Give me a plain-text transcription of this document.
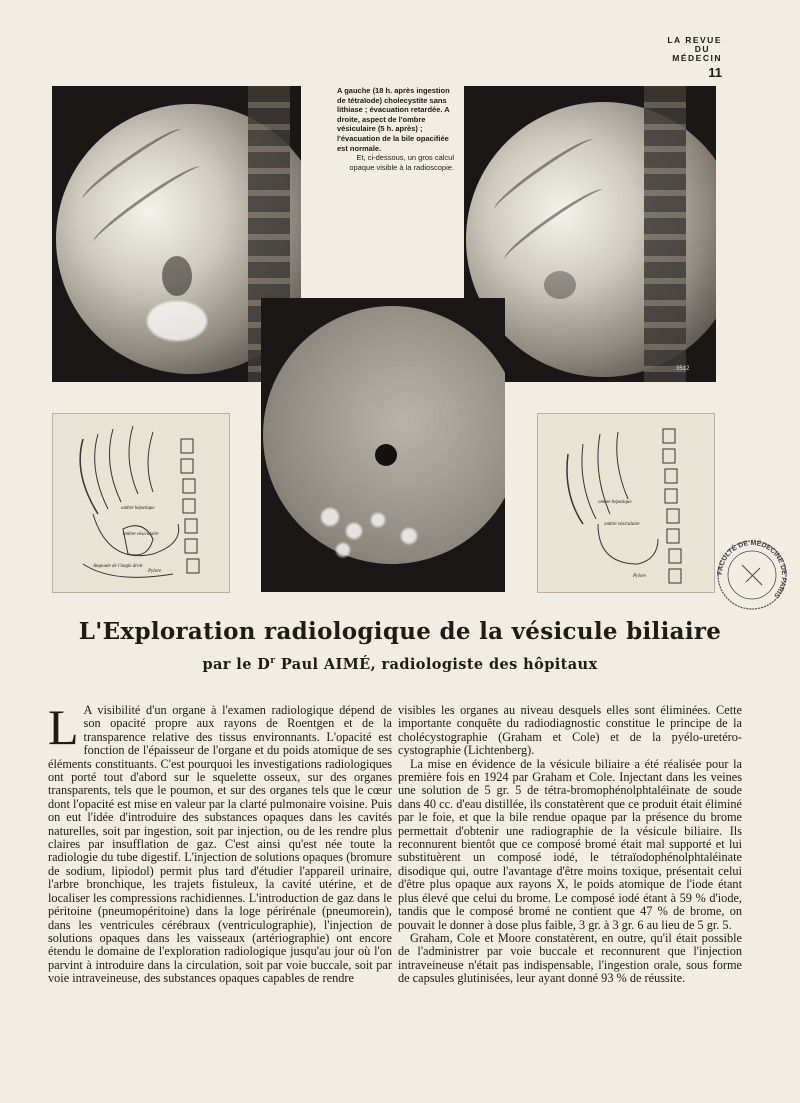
LA REVUE
DU
MÉDECIN
11
3512
A gauche (18 h. après ingestion de tétraïode) cholecystite sans lithiase ; évacuation retardée. A droite, aspect de l'ombre vésiculaire (5 h. après) ; l'évacuation de la bile opacifiée est normale.
Et, ci-dessous, un gros calcul opaque visible à la radioscopie.
ombre hépatique
ombre vésiculaire
Ampoule de l'angle droit
Pylore
ombre hépatique
ombre vésiculaire
Pylore
FACULTÉ DE MÉDECINE DE PARIS
L'Exploration radiologique de la vésicule biliaire
par le $D^r$ Paul AIMÉ, radiologiste des hôpitaux

L A visibilité d'un organe à l'examen radiologique dépend de son opacité propre aux rayons de Roentgen et de la transparence relative des tissus environnants. L'opacité est fonction de l'épaisseur de l'organe et du poids atomique de ses éléments constituants. C'est pourquoi les investigations radiologiques ont porté tout d'abord sur le squelette osseux, sur des organes transparents, tels que le poumon, et sur des organes tels que le cœur dont l'opacité est mise en valeur par la clarté pulmonaire voisine. Puis on eut l'idée d'introduire des substances opaques dans les cavités naturelles, soit par ingestion, soit par injection, ou de les rendre plus claires par insufflation de gaz. C'est ainsi qu'est née toute la radiologie du tube digestif. L'injection de solutions opaques (bromure de sodium, lipiodol) permit plus tard d'étudier l'appareil urinaire, l'arbre bronchique, les trajets fistuleux, la cavité utérine, et de localiser les compressions rachidiennes. L'introduction de gaz dans le péritoine (pneumopéritoine) dans la loge périrénale (pneumorein), dans les ventricules cérébraux (ventriculographie), l'injection de solutions opaques dans les vaisseaux (artériographie) ont encore étendu le domaine de l'exploration radiologique jusqu'au jour où l'on parvint à introduire dans la circulation, soit par voie buccale, soit par voie intraveineuse, des substances opaques capables de rendre

visibles les organes au niveau desquels elles sont éliminées. Cette importante conquête du radiodiagnostic constitue le principe de la cholécystographie (Graham et Cole) et de la pyélo-uretéro-cystographie (Lichtenberg).

La mise en évidence de la vésicule biliaire a été réalisée pour la première fois en 1924 par Graham et Cole. Injectant dans les veines une solution de 5 gr. 5 de tétra-bromophénolphtaléinate de soude dans 40 cc. d'eau distillée, ils constatèrent que ce produit était éliminé par le foie, et que la bile rendue opaque par la présence du brome permettait d'obtenir une radiographie de la vésicule biliaire. Ils reconnurent bientôt que ce composé bromé était mal supporté et lui substituèrent un composé iodé, le tétraïodophénolphtaléinate disodique qui, outre l'avantage d'être moins toxique, présentait celui d'être plus opaque aux rayons X, le poids atomique de l'iode étant plus élevé que celui du brome. Le composé iodé étant à 59 % d'iode, tandis que le composé bromé ne contient que 47 % de brome, on pouvait le donner à dose plus faible, 3 gr. à 3 gr. 6 au lieu de 5 gr. 5.

Graham, Cole et Moore constatèrent, en outre, qu'il était possible de l'administrer par voie buccale et reconnurent que l'injection intraveineuse n'était pas indispensable, l'ingestion orale, sous forme de capsules glutinisées, leur ayant donné 93 % de réussite.
